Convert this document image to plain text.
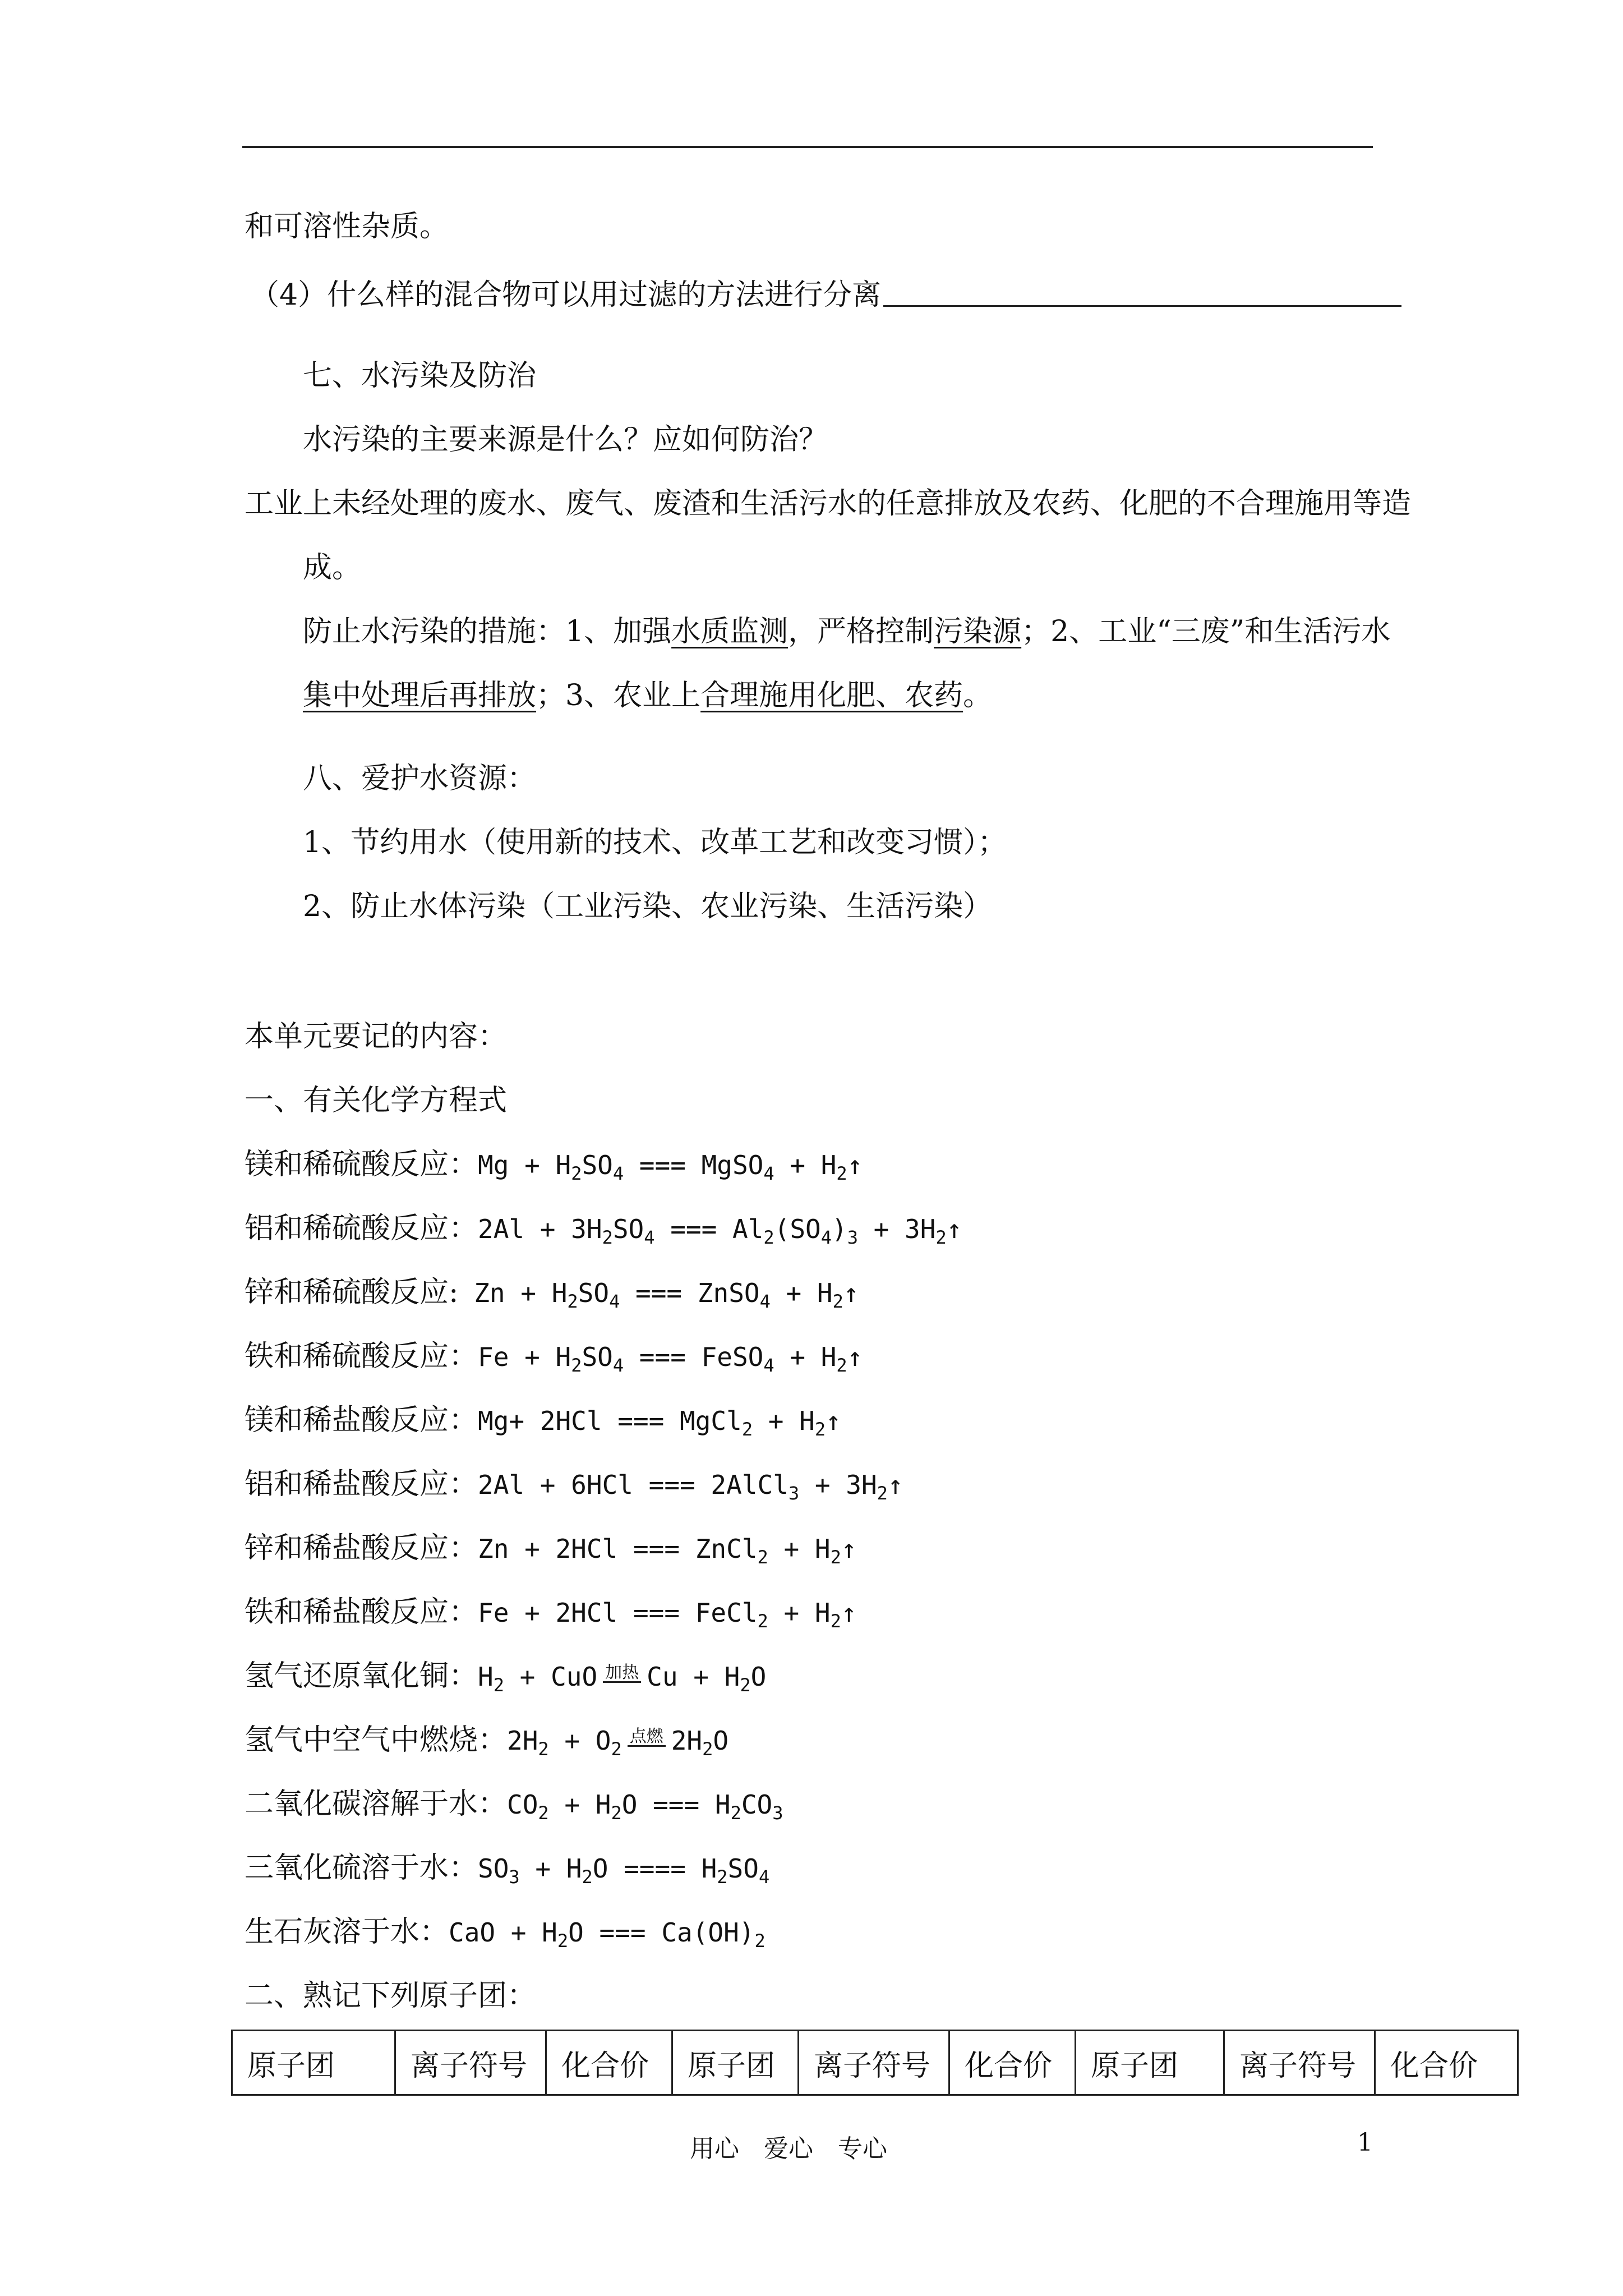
和可溶性杂质。
（4）什么样的混合物可以用过滤的方法进行分离
七、水污染及防治
水污染的主要来源是什么？应如何防治？
工业上未经处理的废水、废气、废渣和生活污水的任意排放及农药、化肥的不合理施用等造
成。
防止水污染的措施：1、加强水质监测，严格控制污染源；2、工业“三废”和生活污水
集中处理后再排放；3、农业上合理施用化肥、农药。
八、爱护水资源：
1、节约用水（使用新的技术、改革工艺和改变习惯）；
2、防止水体污染（工业污染、农业污染、生活污染）
本单元要记的内容：
一、有关化学方程式
镁和稀硫酸反应：$Mg + H_2SO_4$ === MgSO$_4$ + $H_2↑$
铝和稀硫酸反应：$2Al + 3H_2SO_4$ === $Al_2(SO_4)_3$ + $3H_2↑$
锌和稀硫酸反应: $Zn + H_2SO_4$ === ZnSO$_4$ + $H_2↑$
铁和稀硫酸反应：$Fe + H_2SO_4$ === FeSO$_4$ + $H_2↑$
镁和稀盐酸反应：Mg+ 2HCl === MgCl$_2$ + $H_2↑$
铝和稀盐酸反应：2Al + 6HCl === 2AlCl$_3$ + $3H_2↑$
锌和稀盐酸反应：Zn + 2HCl === ZnCl$_2$ + $H_2↑$
铁和稀盐酸反应：Fe + 2HCl === FeCl$_2$ + $H_2↑$
氢气还原氧化铜：$H_2$ + CuO 加热 $Cu + H_2O$
氢气中空气中燃烧：$2H_2 + O_2$点燃 $2H_2O$
二氧化碳溶解于水：$CO_2 + H_2O$ === $H_2CO_3$
三氧化硫溶于水：$SO_3 + H_2O$ ==== $H_2SO_4$
生石灰溶于水：CaO + $H_2O$ === $Ca(OH)_2$
二、熟记下列原子团：
原子团	离子符号	化合价	原子团	离子符号	化合价	原子团	离子符号	化合价
用心　爱心　专心	1
